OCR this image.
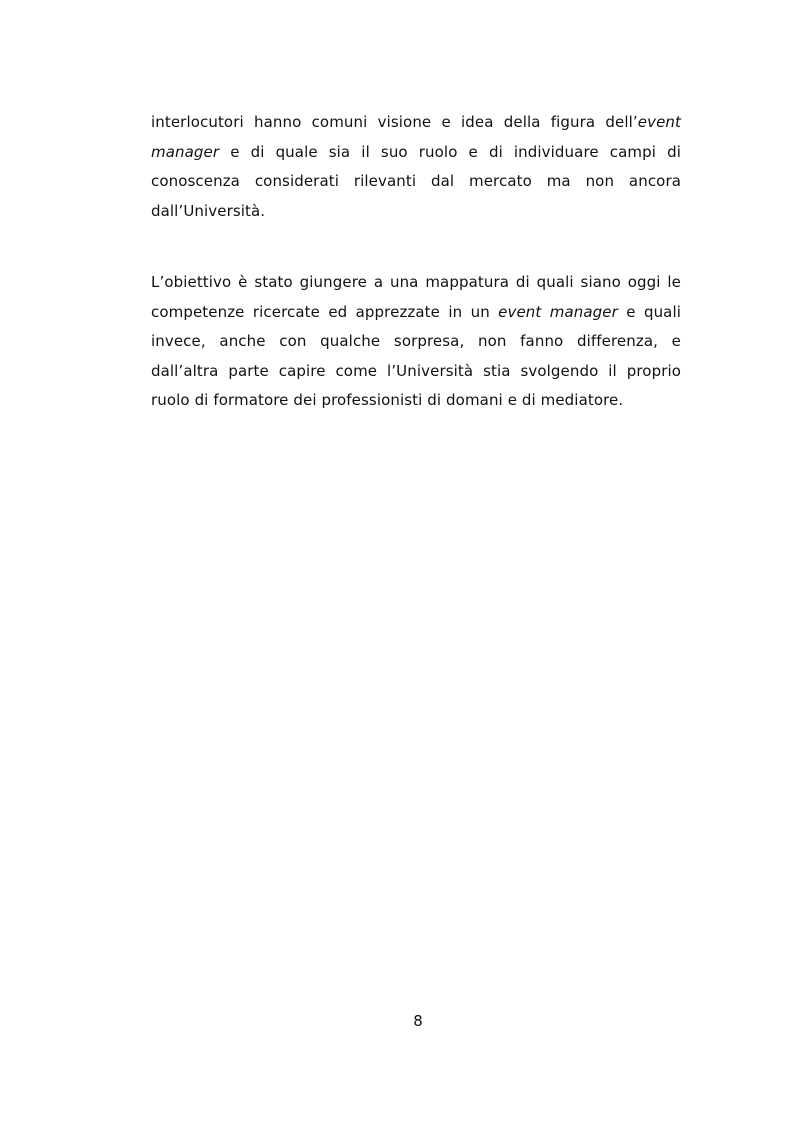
interlocutori hanno comuni visione e idea della figura dell’event
manager e di quale sia il suo ruolo e di individuare campi di
conoscenza considerati rilevanti dal mercato ma non ancora
dall’Università.
L’obiettivo è stato giungere a una mappatura di quali siano oggi le
competenze ricercate ed apprezzate in un event manager e quali
invece, anche con qualche sorpresa, non fanno differenza, e
dall’altra parte capire come l’Università stia svolgendo il proprio
ruolo di formatore dei professionisti di domani e di mediatore.
8
